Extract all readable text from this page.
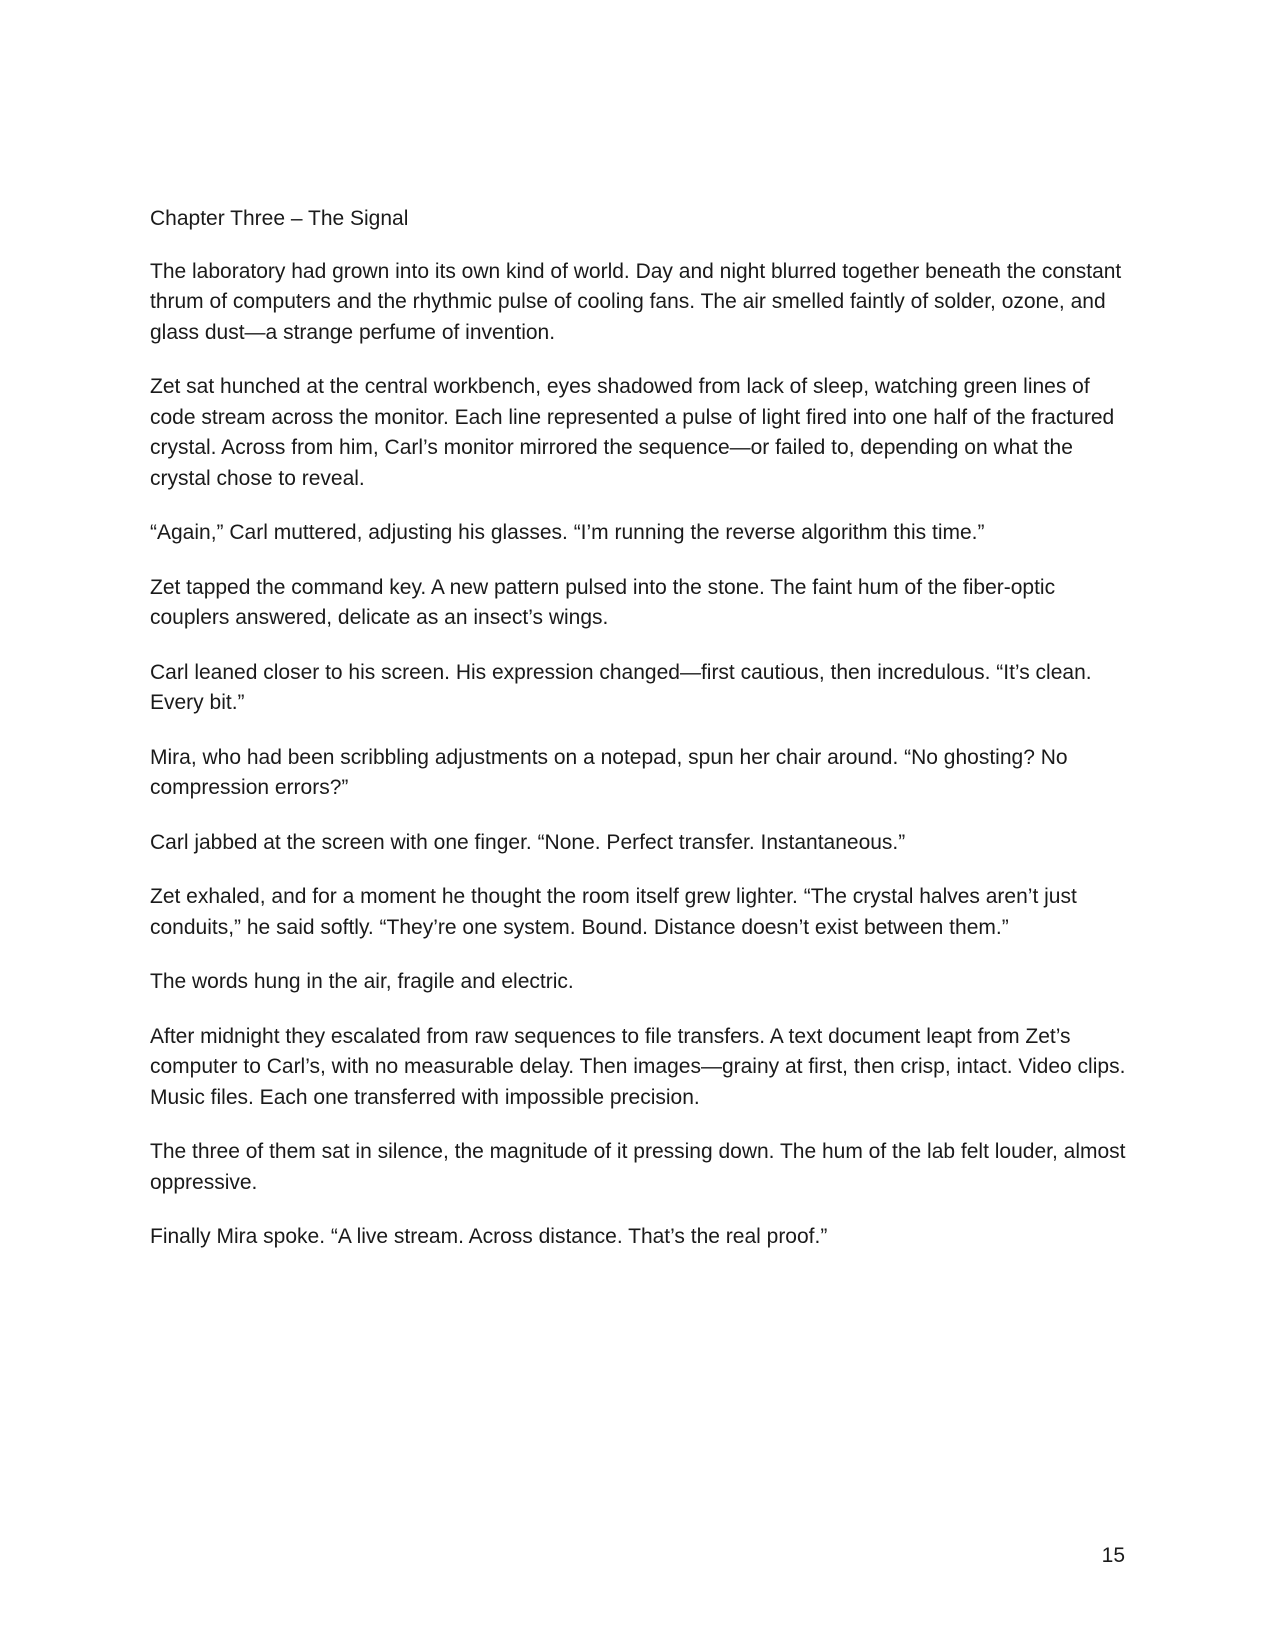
Chapter Three – The Signal

The laboratory had grown into its own kind of world. Day and night blurred together beneath the constant thrum of computers and the rhythmic pulse of cooling fans. The air smelled faintly of solder, ozone, and glass dust—a strange perfume of invention.

Zet sat hunched at the central workbench, eyes shadowed from lack of sleep, watching green lines of code stream across the monitor. Each line represented a pulse of light fired into one half of the fractured crystal. Across from him, Carl’s monitor mirrored the sequence—or failed to, depending on what the crystal chose to reveal.

“Again,” Carl muttered, adjusting his glasses. “I’m running the reverse algorithm this time.”

Zet tapped the command key. A new pattern pulsed into the stone. The faint hum of the fiber-optic couplers answered, delicate as an insect’s wings.

Carl leaned closer to his screen. His expression changed—first cautious, then incredulous. “It’s clean. Every bit.”

Mira, who had been scribbling adjustments on a notepad, spun her chair around. “No ghosting? No compression errors?”

Carl jabbed at the screen with one finger. “None. Perfect transfer. Instantaneous.”

Zet exhaled, and for a moment he thought the room itself grew lighter. “The crystal halves aren’t just conduits,” he said softly. “They’re one system. Bound. Distance doesn’t exist between them.”

The words hung in the air, fragile and electric.

After midnight they escalated from raw sequences to file transfers. A text document leapt from Zet’s computer to Carl’s, with no measurable delay. Then images—grainy at first, then crisp, intact. Video clips. Music files. Each one transferred with impossible precision.

The three of them sat in silence, the magnitude of it pressing down. The hum of the lab felt louder, almost oppressive.

Finally Mira spoke. “A live stream. Across distance. That’s the real proof.”

15
